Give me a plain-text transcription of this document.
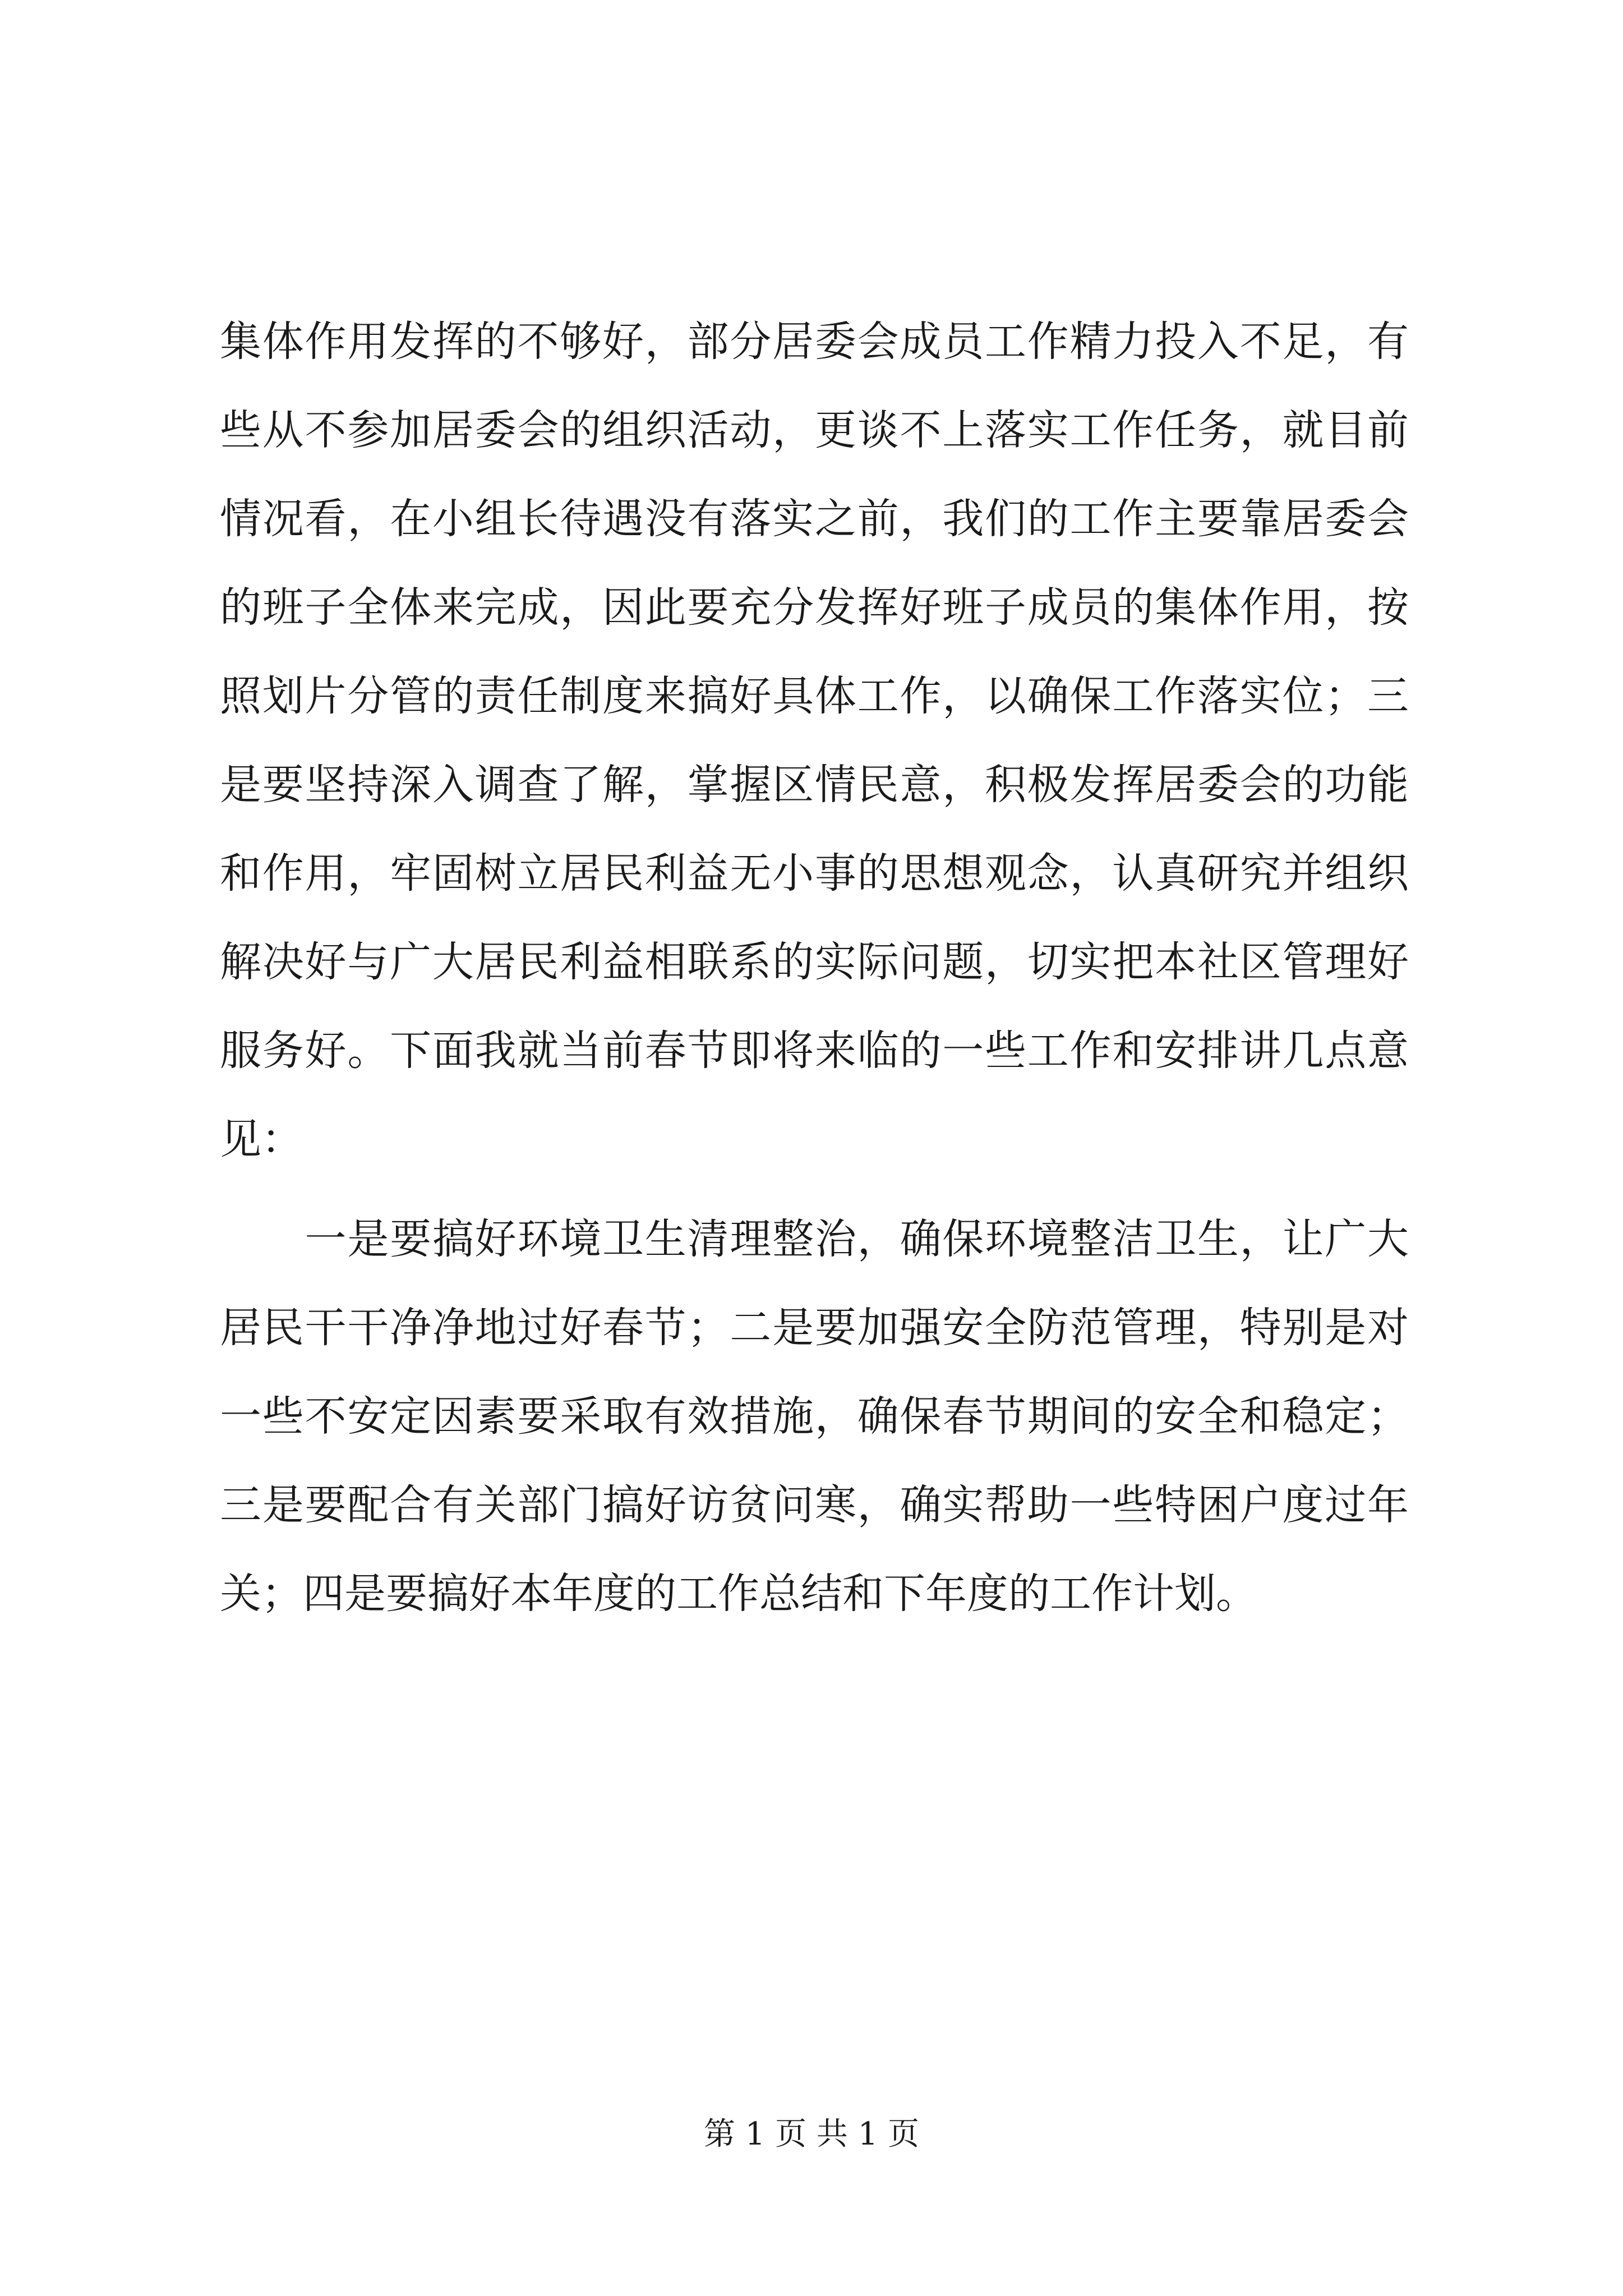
集体作用发挥的不够好，部分居委会成员工作精力投入不足，有
些从不参加居委会的组织活动，更谈不上落实工作任务，就目前
情况看，在小组长待遇没有落实之前，我们的工作主要靠居委会
的班子全体来完成，因此要充分发挥好班子成员的集体作用，按
照划片分管的责任制度来搞好具体工作，以确保工作落实位；三
是要坚持深入调查了解，掌握区情民意，积极发挥居委会的功能
和作用，牢固树立居民利益无小事的思想观念，认真研究并组织
解决好与广大居民利益相联系的实际问题，切实把本社区管理好
服务好。下面我就当前春节即将来临的一些工作和安排讲几点意
见：
　　一是要搞好环境卫生清理整治，确保环境整洁卫生，让广大
居民干干净净地过好春节；二是要加强安全防范管理，特别是对
一些不安定因素要采取有效措施，确保春节期间的安全和稳定；
三是要配合有关部门搞好访贫问寒，确实帮助一些特困户度过年
关；四是要搞好本年度的工作总结和下年度的工作计划。
第 1 页 共 1 页
